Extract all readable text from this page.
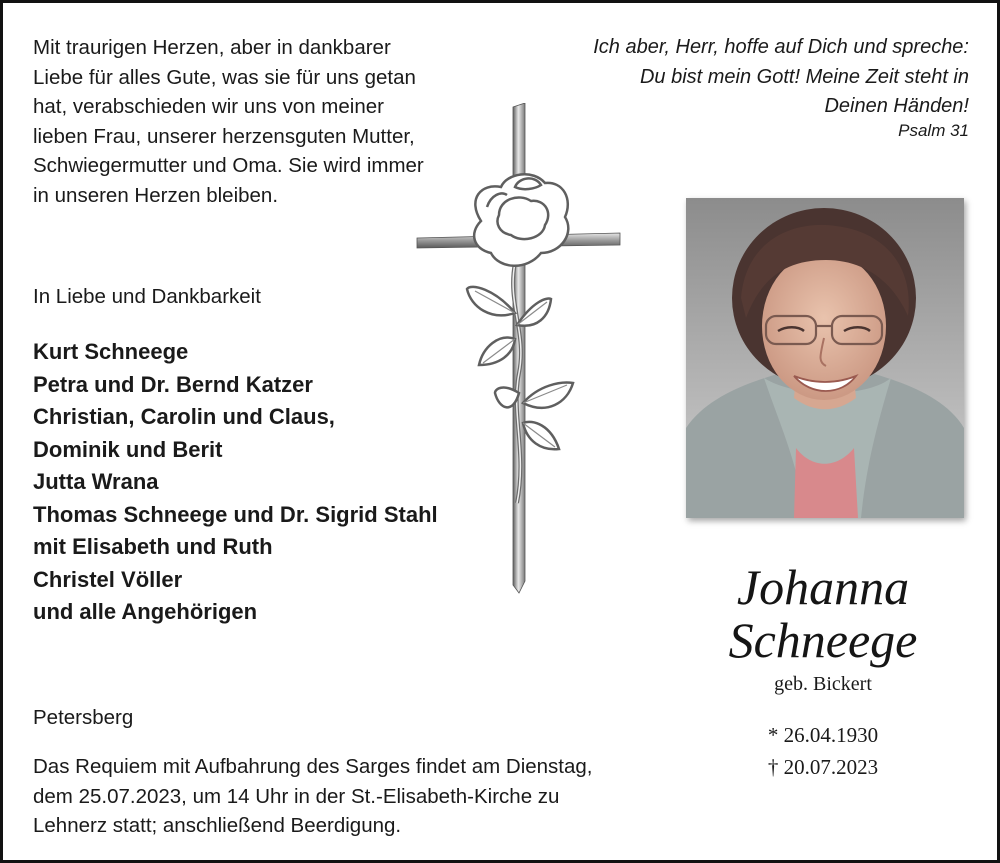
Mit traurigen Herzen, aber in dankbarer
Liebe für alles Gute, was sie für uns getan
hat, verabschieden wir uns von meiner
lieben Frau, unserer herzensguten Mutter,
Schwiegermutter und Oma. Sie wird immer
in unseren Herzen bleiben.
Ich aber, Herr, hoffe auf Dich und spreche:
Du bist mein Gott! Meine Zeit steht in
Deinen Händen!
Psalm 31
In Liebe und Dankbarkeit
Kurt Schneege
Petra und Dr. Bernd Katzer
Christian, Carolin und Claus,
Dominik und Berit
Jutta Wrana
Thomas Schneege und Dr. Sigrid Stahl
mit Elisabeth und Ruth
Christel Völler
und alle Angehörigen
Petersberg
Das Requiem mit Aufbahrung des Sarges findet am Dienstag,
dem 25.07.2023, um 14 Uhr in der St.-Elisabeth-Kirche zu
Lehnerz statt; anschließend Beerdigung.
Johanna
Schneege
geb. Bickert
* 26.04.1930
† 20.07.2023
